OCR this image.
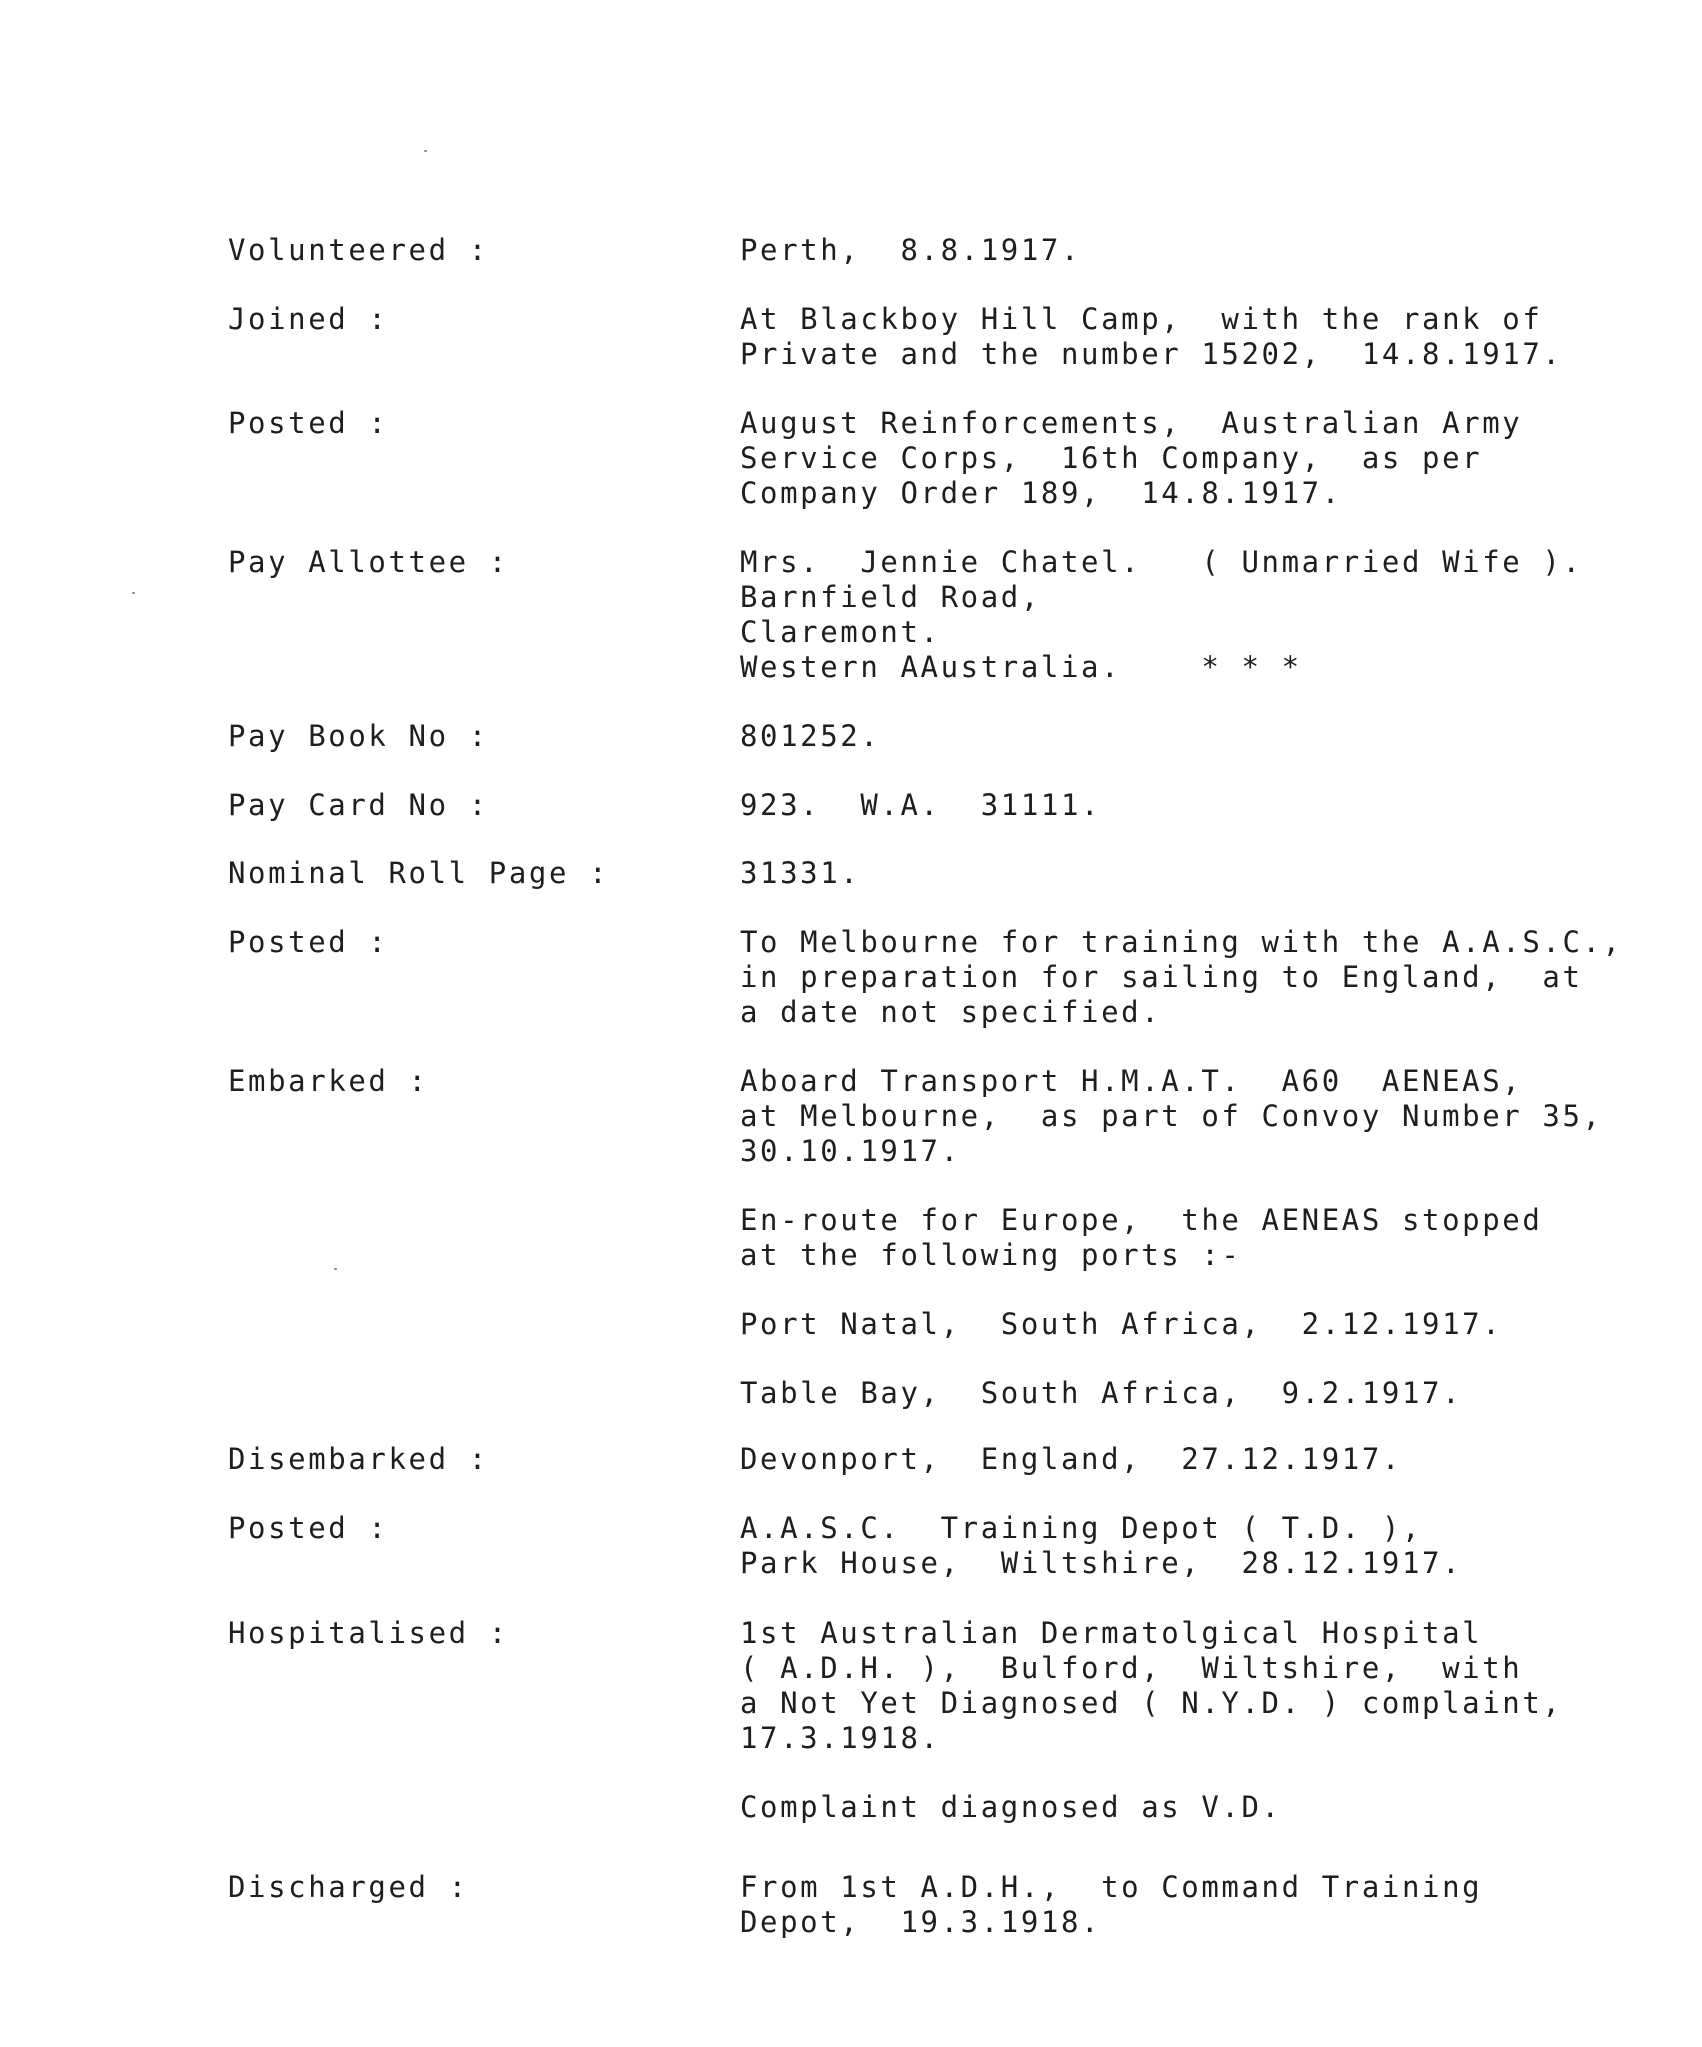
Volunteered :	Perth,  8.8.1917.
Joined :	At Blackboy Hill Camp,  with the rank of
Private and the number 15202,  14.8.1917.
Posted :	August Reinforcements,  Australian Army
Service Corps,  16th Company,  as per
Company Order 189,  14.8.1917.
Pay Allottee :	Mrs.  Jennie Chatel.   ( Unmarried Wife ).
Barnfield Road,
Claremont.
Western AAustralia.    * * *
Pay Book No :	801252.
Pay Card No :	923.  W.A.  31111.
Nominal Roll Page :	31331.
Posted :	To Melbourne for training with the A.A.S.C.,
in preparation for sailing to England,  at
a date not specified.
Embarked :	Aboard Transport H.M.A.T.  A60  AENEAS,
at Melbourne,  as part of Convoy Number 35,
30.10.1917.
En-route for Europe,  the AENEAS stopped
at the following ports :-
Port Natal,  South Africa,  2.12.1917.
Table Bay,  South Africa,  9.2.1917.
Disembarked :	Devonport,  England,  27.12.1917.
Posted :	A.A.S.C.  Training Depot ( T.D. ),
Park House,  Wiltshire,  28.12.1917.
Hospitalised :	1st Australian Dermatolgical Hospital
( A.D.H. ),  Bulford,  Wiltshire,  with
a Not Yet Diagnosed ( N.Y.D. ) complaint,
17.3.1918.
Complaint diagnosed as V.D.
Discharged :	From 1st A.D.H.,  to Command Training
Depot,  19.3.1918.
